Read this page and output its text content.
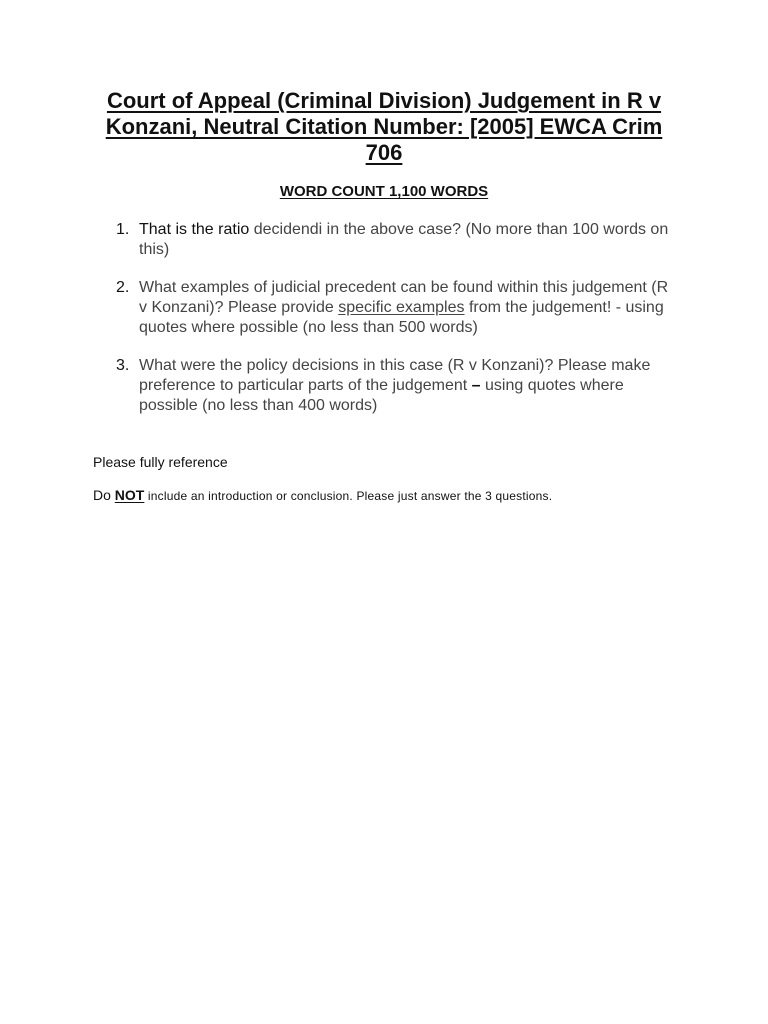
Court of Appeal (Criminal Division) Judgement in R v Konzani, Neutral Citation Number: [2005] EWCA Crim 706

WORD COUNT 1,100 WORDS

1. That is the ratio decidendi in the above case? (No more than 100 words on this)
2. What examples of judicial precedent can be found within this judgement (R v Konzani)? Please provide specific examples from the judgement! - using quotes where possible (no less than 500 words)
3. What were the policy decisions in this case (R v Konzani)? Please make preference to particular parts of the judgement – using quotes where possible (no less than 400 words)

Please fully reference

Do NOT include an introduction or conclusion. Please just answer the 3 questions.
